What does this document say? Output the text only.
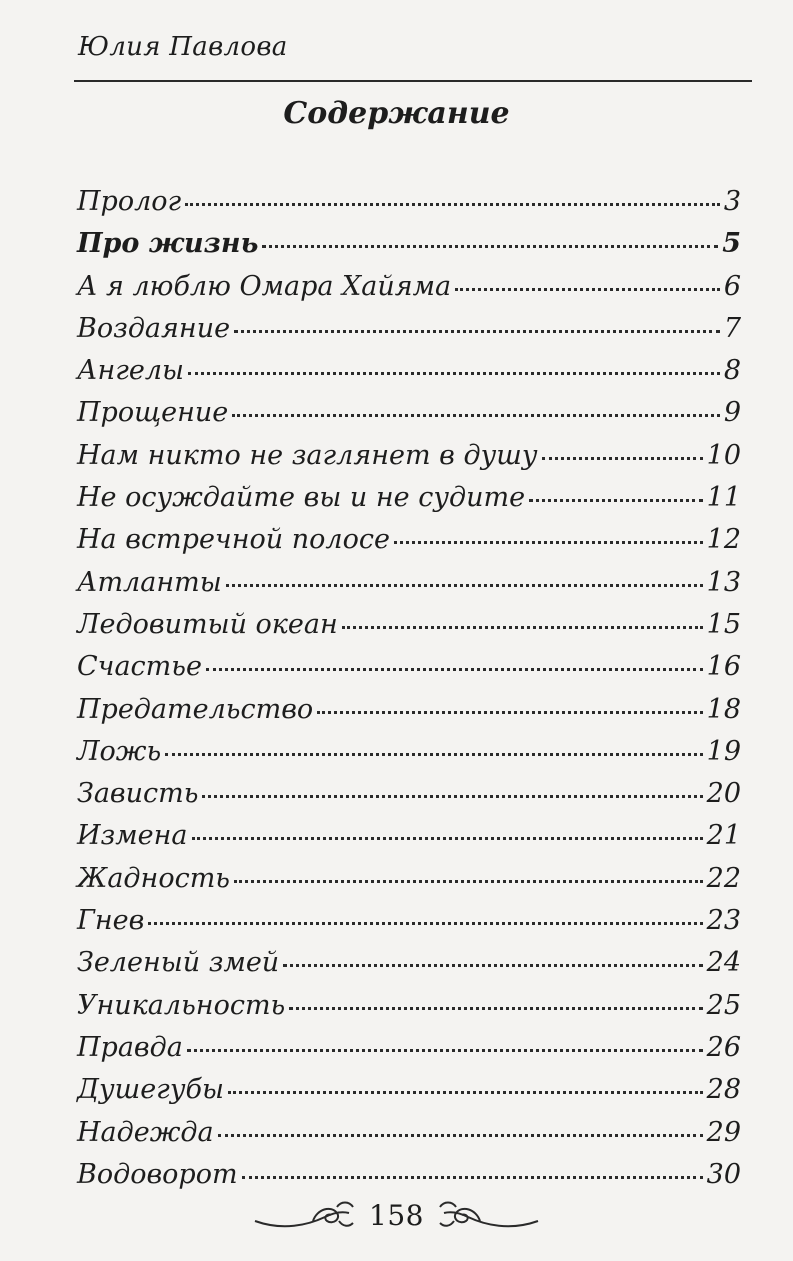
Юлия Павлова
Содержание
Пролог	3
Про жизнь	5
А я люблю Омара Хайяма	6
Воздаяние	7
Ангелы	8
Прощение	9
Нам никто не заглянет в душу	10
Не осуждайте вы и не судите	11
На встречной полосе	12
Атланты	13
Ледовитый океан	15
Счастье	16
Предательство	18
Ложь	19
Зависть	20
Измена	21
Жадность	22
Гнев	23
Зеленый змей	24
Уникальность	25
Правда	26
Душегубы	28
Надежда	29
Водоворот	30
158
